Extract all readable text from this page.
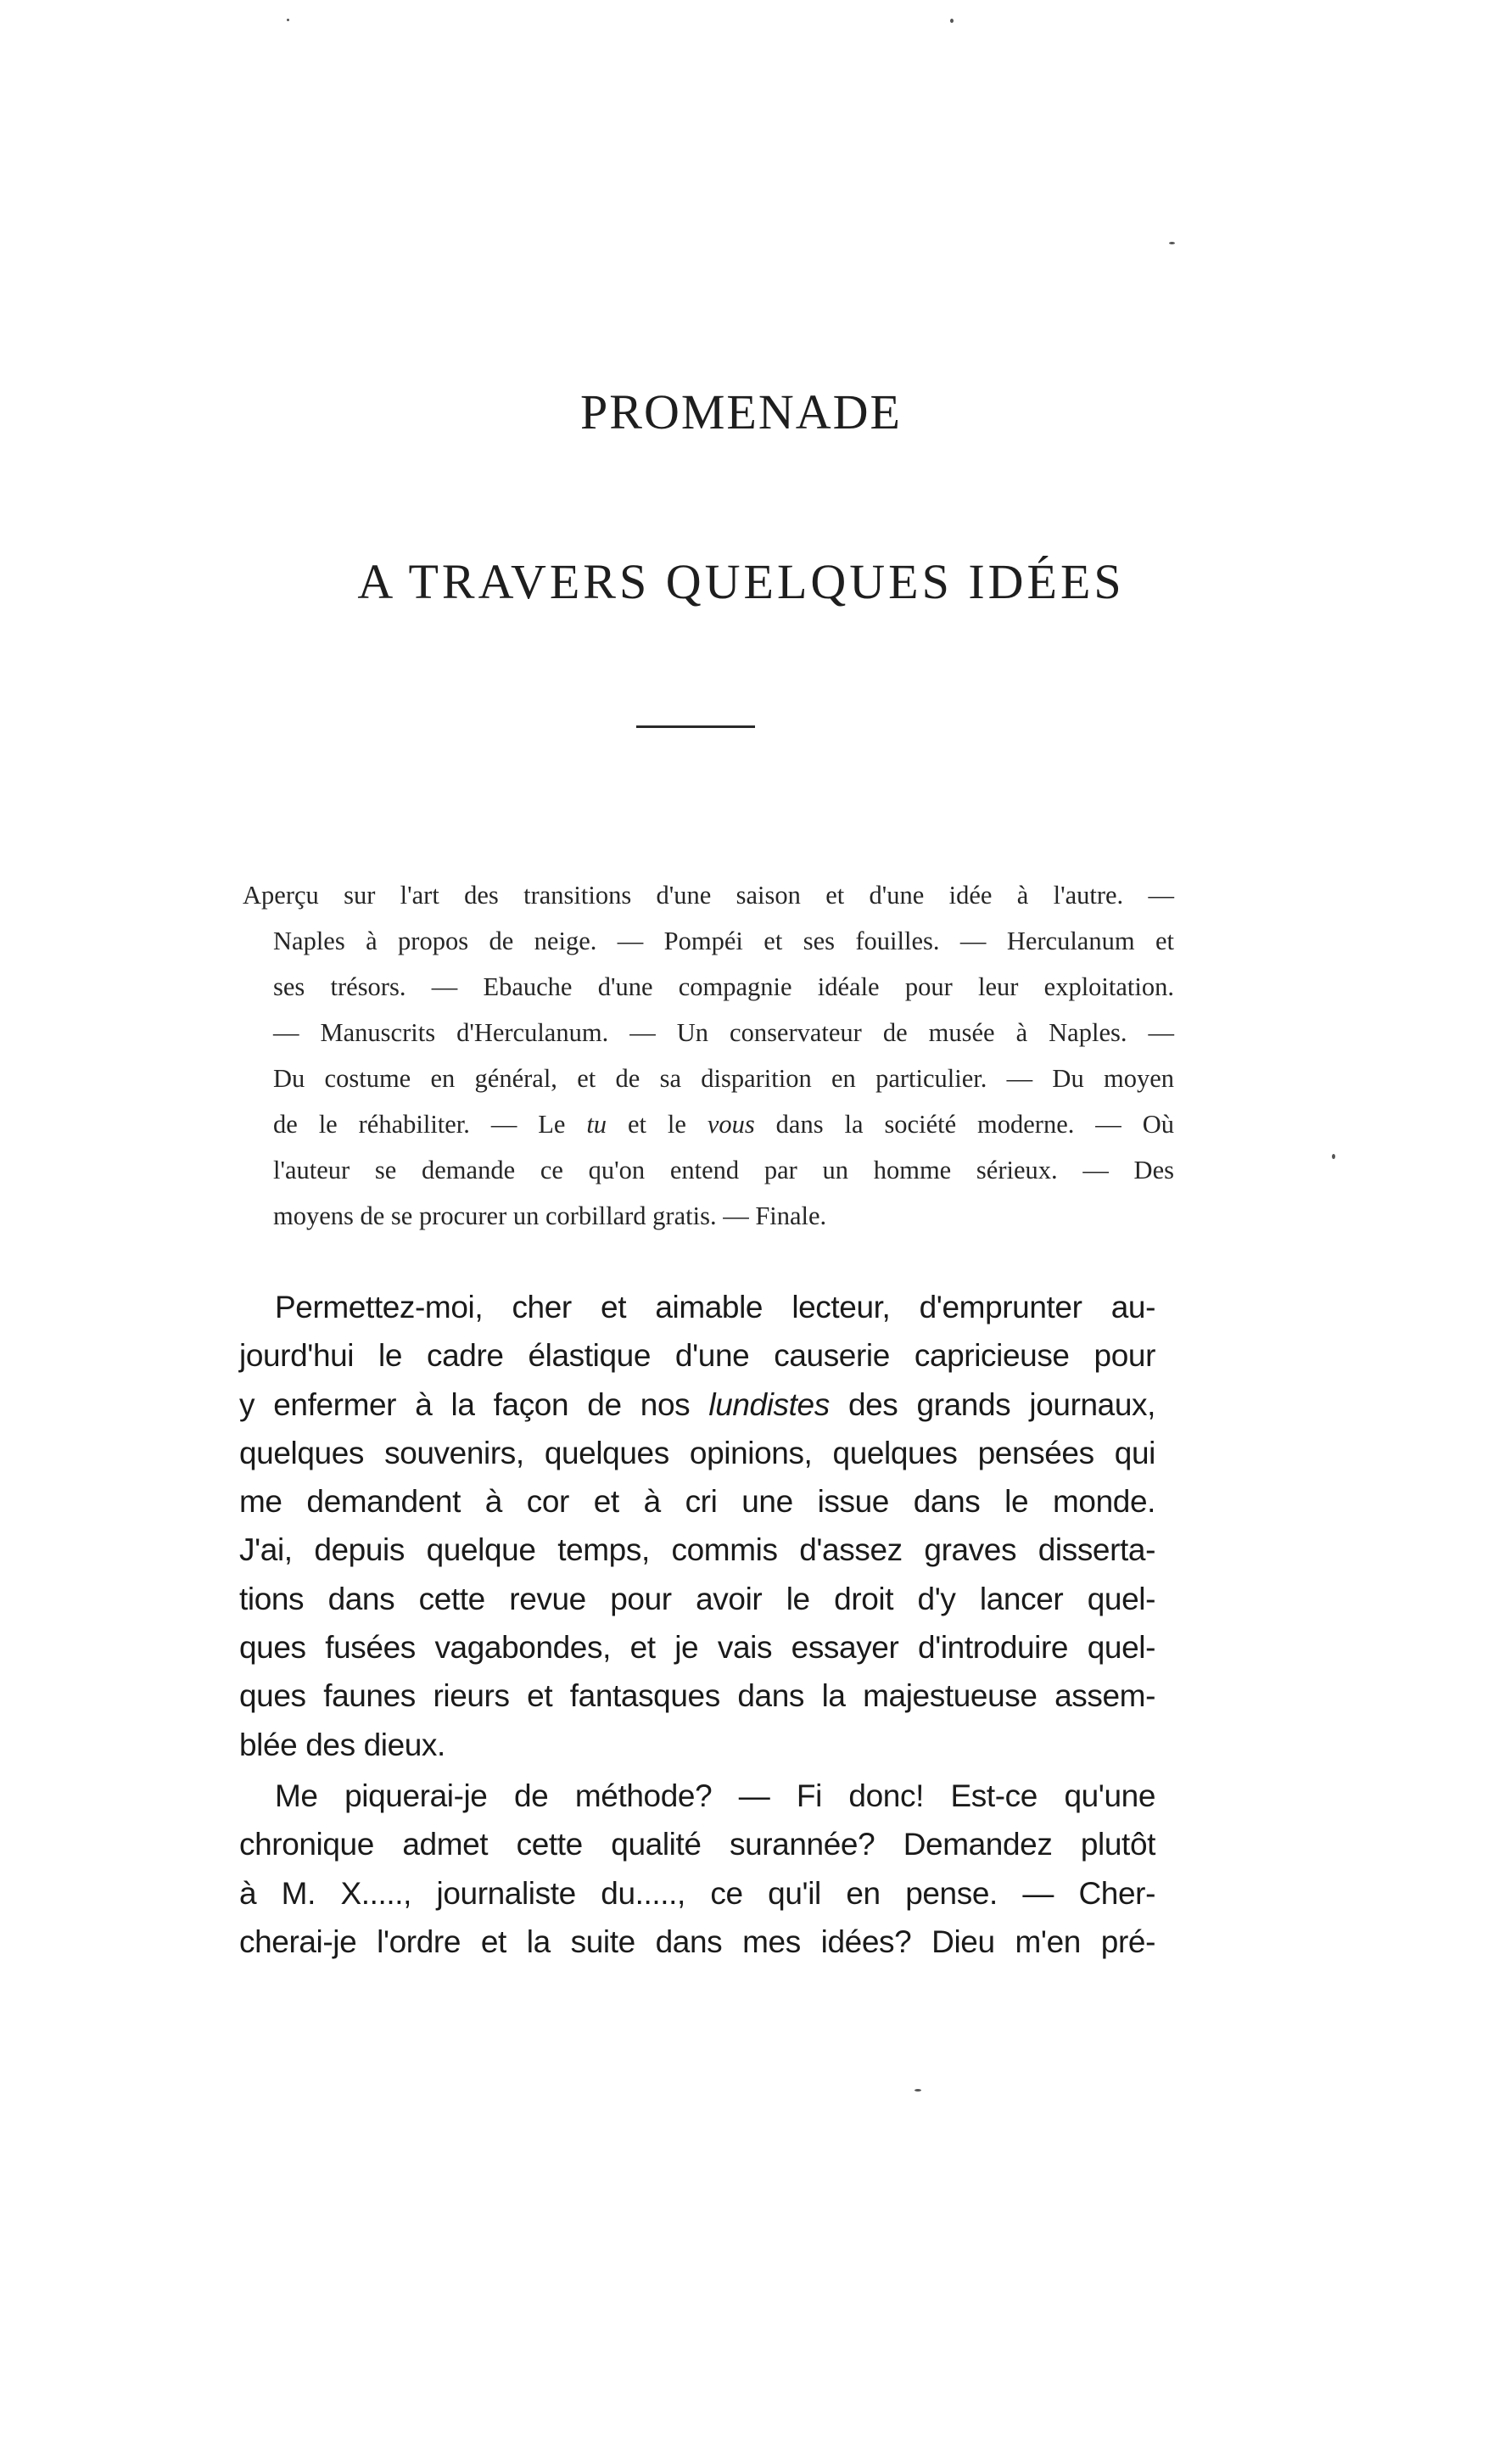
PROMENADE
A TRAVERS QUELQUES IDÉES

Aperçu sur l'art des transitions d'une saison et d'une idée à l'autre. —
Naples à propos de neige. — Pompéi et ses fouilles. — Herculanum et
ses trésors. — Ebauche d'une compagnie idéale pour leur exploitation.
— Manuscrits d'Herculanum. — Un conservateur de musée à Naples. —
Du costume en général, et de sa disparition en particulier. — Du moyen
de le réhabiliter. — Le tu et le vous dans la société moderne. — Où
l'auteur se demande ce qu'on entend par un homme sérieux. — Des
moyens de se procurer un corbillard gratis. — Finale.

Permettez-moi, cher et aimable lecteur, d'emprunter au-
jourd'hui le cadre élastique d'une causerie capricieuse pour
y enfermer à la façon de nos lundistes des grands journaux,
quelques souvenirs, quelques opinions, quelques pensées qui
me demandent à cor et à cri une issue dans le monde.
J'ai, depuis quelque temps, commis d'assez graves disserta-
tions dans cette revue pour avoir le droit d'y lancer quel-
ques fusées vagabondes, et je vais essayer d'introduire quel-
ques faunes rieurs et fantasques dans la majestueuse assem-
blée des dieux.

Me piquerai-je de méthode? — Fi donc! Est-ce qu'une
chronique admet cette qualité surannée? Demandez plutôt
à M. X....., journaliste du....., ce qu'il en pense. — Cher-
cherai-je l'ordre et la suite dans mes idées? Dieu m'en pré-
